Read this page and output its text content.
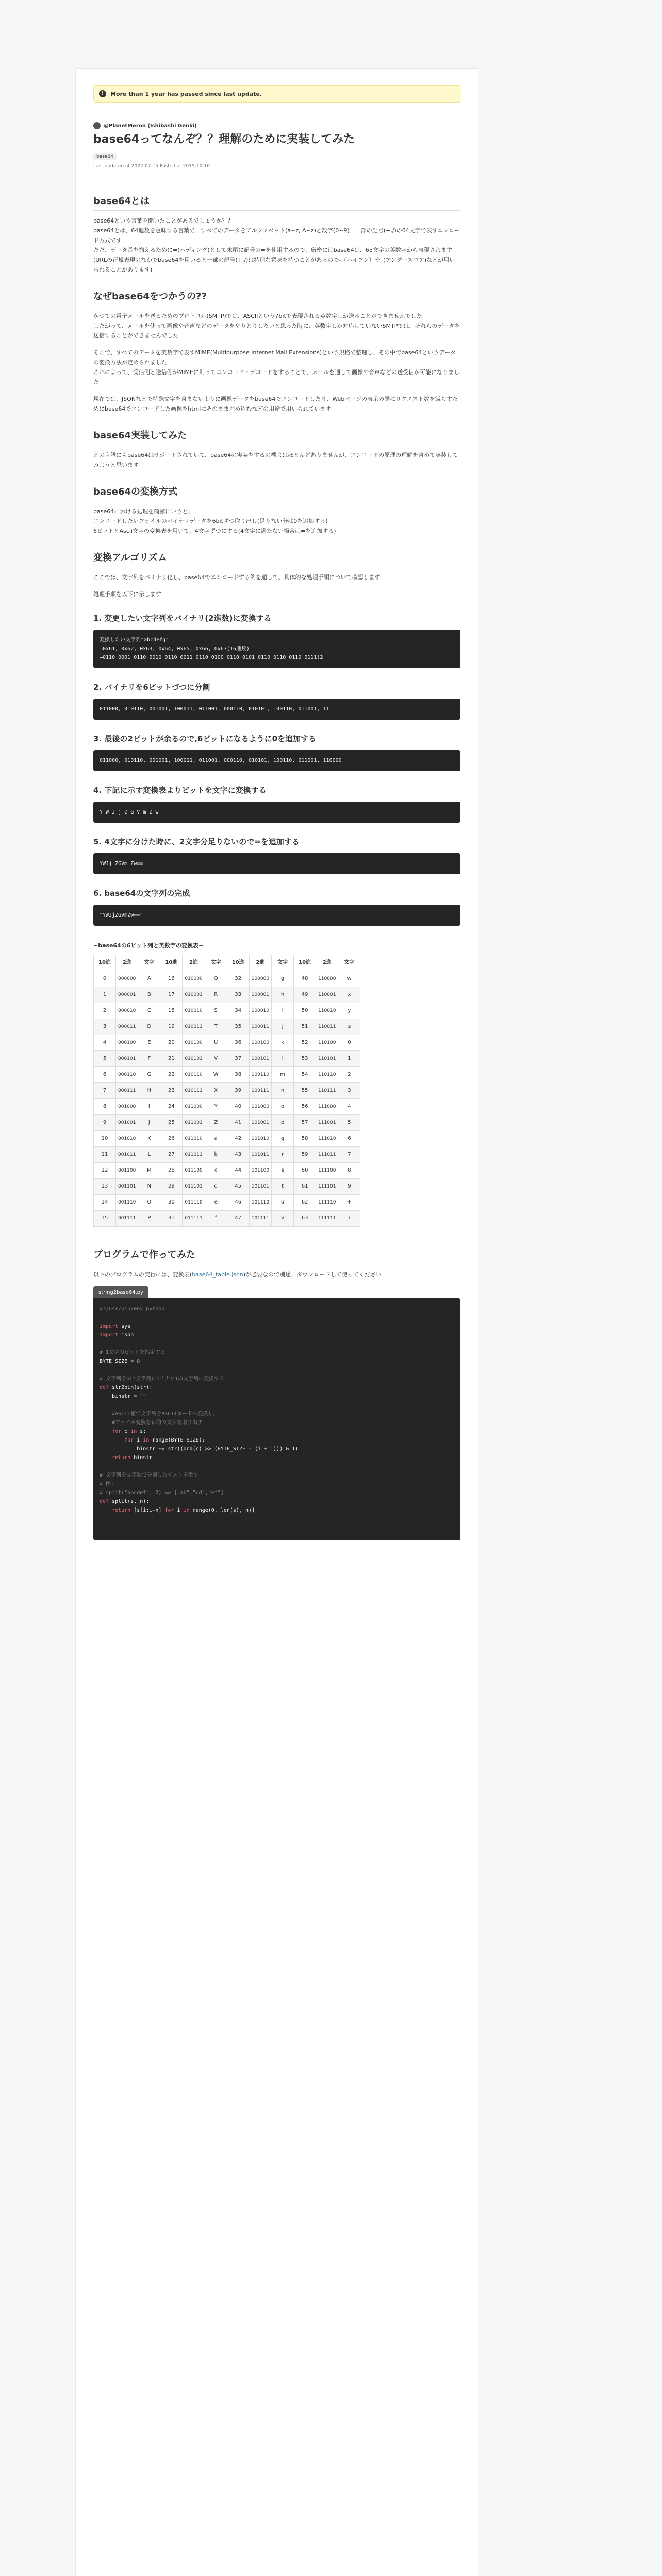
!	More than 1 year has passed since last update.
@PlanetMeron (Ishibashi Genki)
base64ってなんぞ？？理解のために実装してみた
base64
Last updated at 2022-07-15 Posted at 2015-10-16
base64とは

base64という言葉を聞いたことがあるでしょうか？？
base64とは、64進数を意味する言葉で、すべてのデータをアルファベット(a~z, A~z)と数字(0~9)、一部の記号(+,/)の64文字で表すエンコード方式です
ただ、データ長を揃えるために=(パディング)として末尾に記号の=を使用するので、厳密にはbase64は、65文字の英数字から表現されます
(URLの正規表現のなかでbase64を用いると一部の記号(+,/)は特別な意味を持つことがあるので-（ハイフン）や_(アンダースコア)などが用いられることがあります)

なぜbase64をつかうの??

かつての電子メールを送るためのプロトコル(SMTP)では、ASCIIという7bitで表現される英数字しか送ることができませんでした
したがって、メールを使って画像や音声などのデータをやりとりしたいと思った時に、英数字しか対応していないSMTPでは、それらのデータを送信することができませんでした

そこで、すべてのデータを英数字で表すMIME(Multipurpose Internet Mail Extensions)という規格で整理し、その中でbase64というデータの変換方法が定められました
これによって、受信側と送信側がMIMEに則ってエンコード・デコードをすることで、メールを通して画像や音声などの送受信が可能になりました

現在では、JSONなどで特殊文字を含まないように画像データをbase64でエンコードしたり、Webページの表示の際にリクエスト数を減らすためにbase64でエンコードした画像をhtmlにそのまま埋め込むなどの用途で用いられています

base64実装してみた

どの言語にもbase64はサポートされていて、base64の実装をするの機会はほとんどありませんが、エンコードの原理の理解を含めて実装してみようと思います

base64の変換方式

base64における処理を簡潔にいうと、
エンコードしたいファイルのバイナリデータを6bitずつ取り出し(足りない分は0を追加する)
6ビットとAscii文字の変換表を用いて、4文字ずつにする(4文字に満たない場合は=を追加する)

変換アルゴリズム

ここでは、文字列をバイナリ化し、base64でエンコードする例を通して、具体的な処理手順について確認します

処理手順を以下に示します

1. 変更したい文字列をバイナリ(2進数)に変換する
変換したい文字列"abcdefg"
→0x61, 0x62, 0x63, 0x64, 0x65, 0x66, 0x67(16進数)
→0110 0001 0110 0010 0110 0011 0110 0100 0110 0101 0110 0110 0110 0111(2
2. バイナリを6ビットづつに分割
011000, 010110, 001001, 100011, 011001, 000110, 010101, 100110, 011001, 11
3. 最後の2ビットが余るので,6ビットになるように0を追加する
011000, 010110, 001001, 100011, 011001, 000110, 010101, 100110, 011001, 110000
4. 下記に示す変換表よりビットを文字に変換する
Y W J j Z G V m Z w
5. 4文字に分けた時に、2文字分足りないので=を追加する
YWJj ZGVm Zw==
6. base64の文字列の完成
"YWJjZGVmZw=="
~base64の6ビット列と英数字の変換表~
10進	2進	文字	10進	2進	文字	10進	2進	文字	10進	2進	文字
0	000000	A	16	010000	Q	32	100000	g	48	110000	w
1	000001	B	17	010001	R	33	100001	h	49	110001	x
2	000010	C	18	010010	S	34	100010	i	50	110010	y
3	000011	D	19	010011	T	35	100011	j	51	110011	z
4	000100	E	20	010100	U	36	100100	k	52	110100	0
5	000101	F	21	010101	V	37	100101	l	53	110101	1
6	000110	G	22	010110	W	38	100110	m	54	110110	2
7	000111	H	23	010111	X	39	100111	n	55	110111	3
8	001000	I	24	011000	Y	40	101000	o	56	111000	4
9	001001	J	25	011001	Z	41	101001	p	57	111001	5
10	001010	K	26	011010	a	42	101010	q	58	111010	6
11	001011	L	27	011011	b	43	101011	r	59	111011	7
12	001100	M	28	011100	c	44	101100	s	60	111100	8
13	001101	N	29	011101	d	45	101101	t	61	111101	9
14	001110	O	30	011110	e	46	101110	u	62	111110	+
15	001111	P	31	011111	f	47	101111	v	63	111111	/
プログラムで作ってみた

以下のプログラムの実行には、変換表(base64_table.json)が必要なので別途、ダウンロードして使ってください

string2base64.py
#!/usr/bin/env python

import sys
import json

# 1文字のビットを指定する
BYTE_SIZE = 8

# 文字列をbit文字列(バイナリ)の文字列に変換する
def str2bin(str):
binstr = ""

#ASCII値で文字列をASCIIコードへ変換し、
#ファイル変換を目的の文字を取り出す
for c in s:
for i in range(BYTE_SIZE):
binstr += str((ord(c) >> (BYTE_SIZE - (i + 1))) & 1)
return binstr

# 文字列を文字数で分割したリストを返す
# 例:
# split("abcdef", 2) => ["ab","cd","ef"]
def split(s, n):
return [s[i:i+n] for i in range(0, len(s), n)]
